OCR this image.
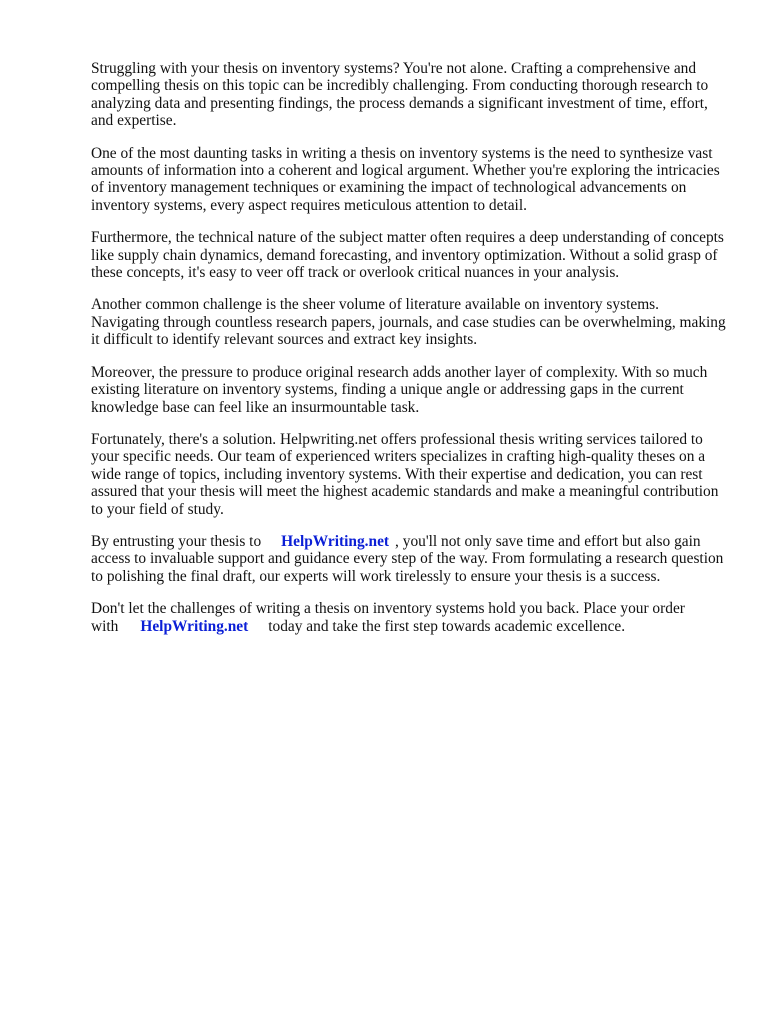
Struggling with your thesis on inventory systems? You're not alone. Crafting a comprehensive and compelling thesis on this topic can be incredibly challenging. From conducting thorough research to analyzing data and presenting findings, the process demands a significant investment of time, effort, and expertise.

One of the most daunting tasks in writing a thesis on inventory systems is the need to synthesize vast amounts of information into a coherent and logical argument. Whether you're exploring the intricacies of inventory management techniques or examining the impact of technological advancements on inventory systems, every aspect requires meticulous attention to detail.

Furthermore, the technical nature of the subject matter often requires a deep understanding of concepts like supply chain dynamics, demand forecasting, and inventory optimization. Without a solid grasp of these concepts, it's easy to veer off track or overlook critical nuances in your analysis.

Another common challenge is the sheer volume of literature available on inventory systems. Navigating through countless research papers, journals, and case studies can be overwhelming, making it difficult to identify relevant sources and extract key insights.

Moreover, the pressure to produce original research adds another layer of complexity. With so much existing literature on inventory systems, finding a unique angle or addressing gaps in the current knowledge base can feel like an insurmountable task.

Fortunately, there's a solution. Helpwriting.net offers professional thesis writing services tailored to your specific needs. Our team of experienced writers specializes in crafting high-quality theses on a wide range of topics, including inventory systems. With their expertise and dedication, you can rest assured that your thesis will meet the highest academic standards and make a meaningful contribution to your field of study.

By entrusting your thesis to HelpWriting.net , you'll not only save time and effort but also gain access to invaluable support and guidance every step of the way. From formulating a research question to polishing the final draft, our experts will work tirelessly to ensure your thesis is a success.

Don't let the challenges of writing a thesis on inventory systems hold you back. Place your order with HelpWriting.net today and take the first step towards academic excellence.
